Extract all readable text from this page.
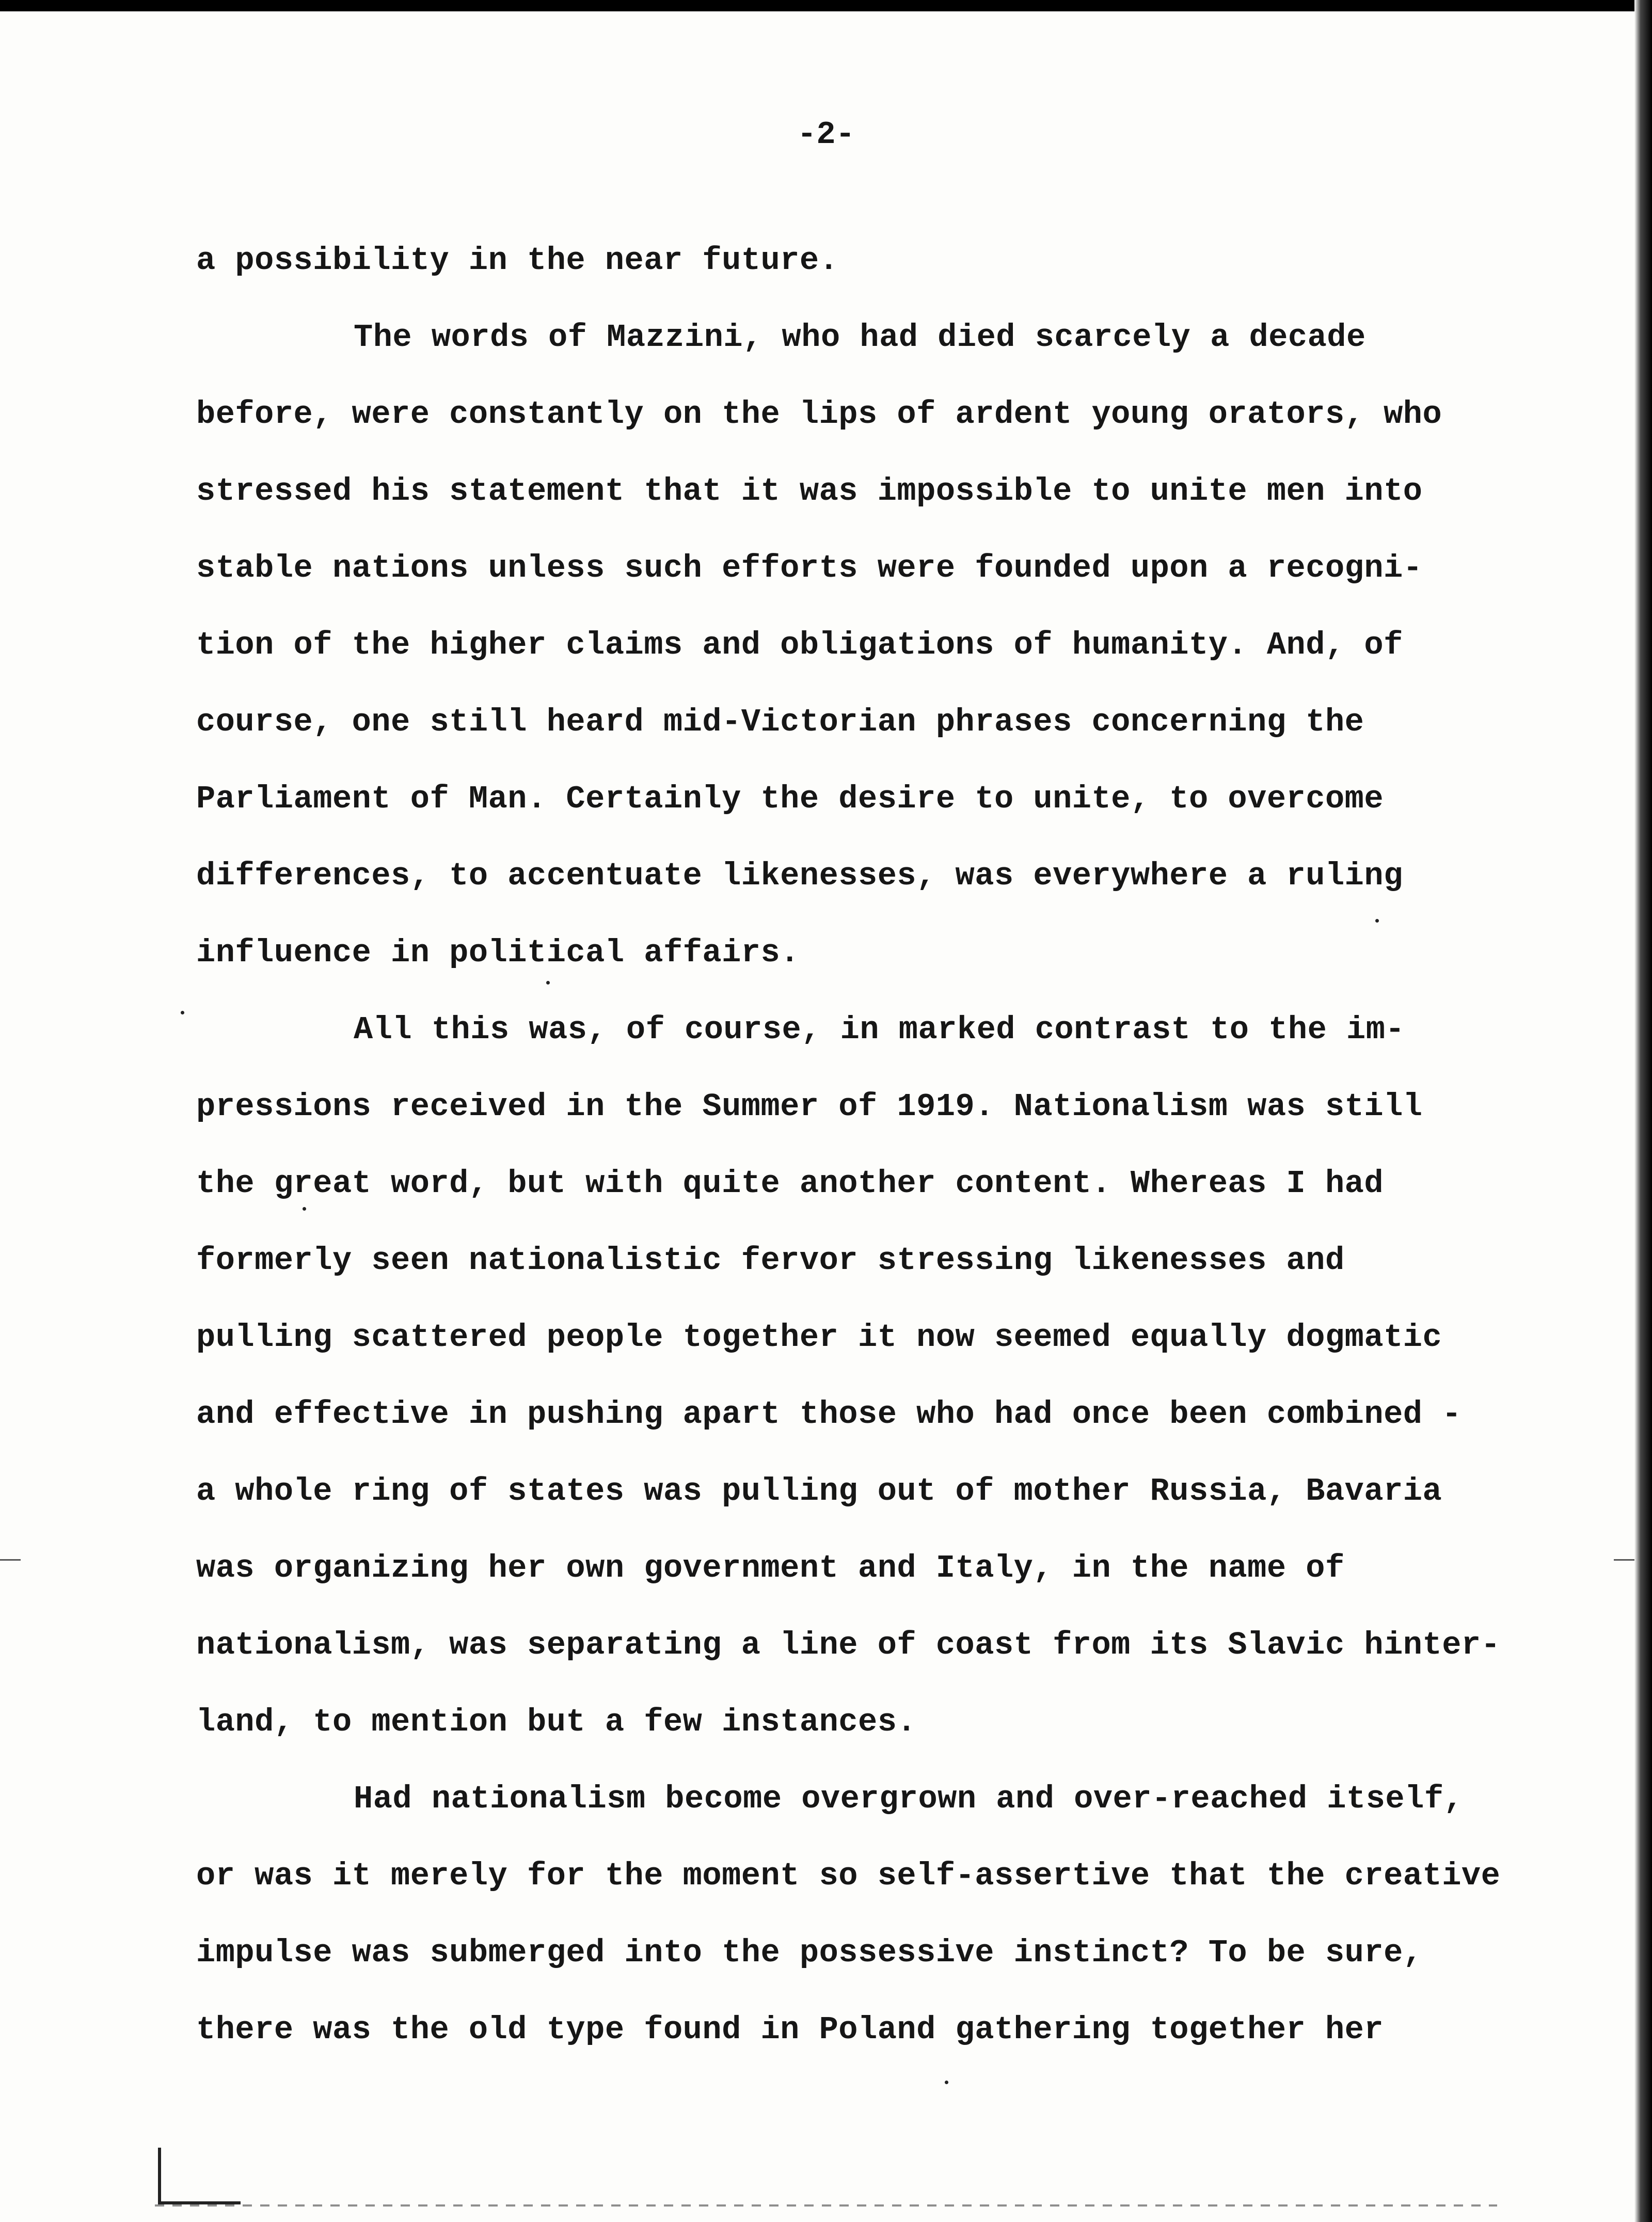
-2-
a possibility in the near future.
The words of Mazzini, who had died scarcely a decade
before, were constantly on the lips of ardent young orators, who
stressed his statement that it was impossible to unite men into
stable nations unless such efforts were founded upon a recogni-
tion of the higher claims and obligations of humanity. And, of
course, one still heard mid-Victorian phrases concerning the
Parliament of Man. Certainly the desire to unite, to overcome
differences, to accentuate likenesses, was everywhere a ruling
influence in political affairs.
All this was, of course, in marked contrast to the im-
pressions received in the Summer of 1919. Nationalism was still
the great word, but with quite another content. Whereas I had
formerly seen nationalistic fervor stressing likenesses and
pulling scattered people together it now seemed equally dogmatic
and effective in pushing apart those who had once been combined -
a whole ring of states was pulling out of mother Russia, Bavaria
was organizing her own government and Italy, in the name of
nationalism, was separating a line of coast from its Slavic hinter-
land, to mention but a few instances.
Had nationalism become overgrown and over-reached itself,
or was it merely for the moment so self-assertive that the creative
impulse was submerged into the possessive instinct? To be sure,
there was the old type found in Poland gathering together her
